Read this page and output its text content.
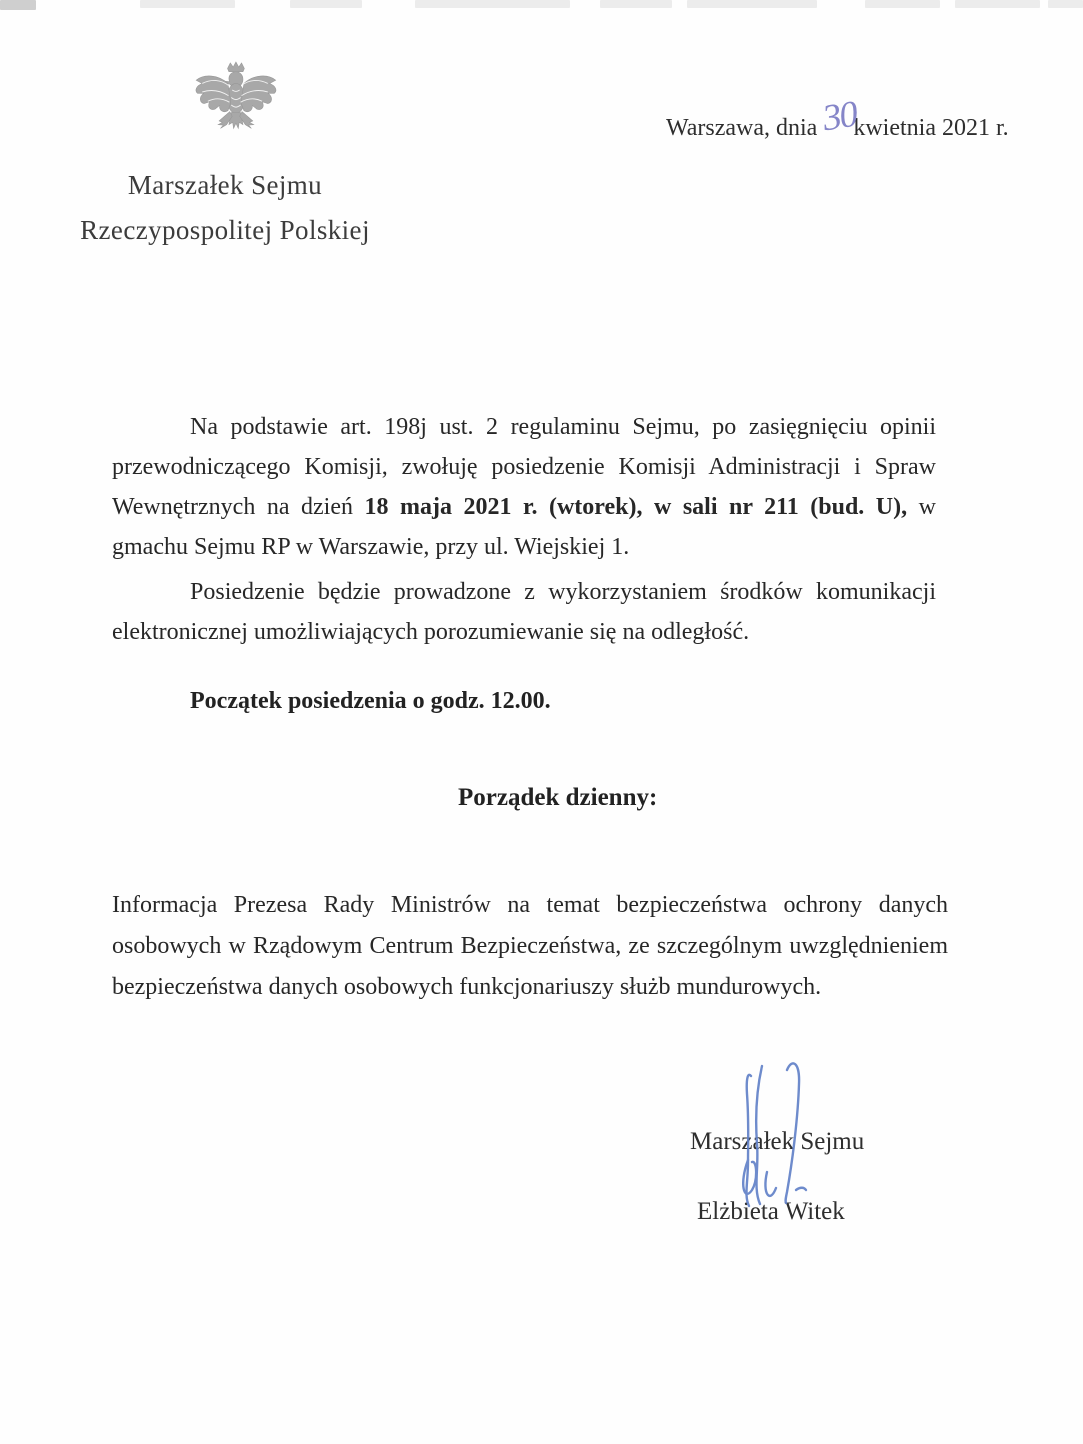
Marszałek Sejmu
Rzeczypospolitej Polskiej
Warszawa, dnia30kwietnia 2021 r.

Na podstawie art. 198j ust. 2 regulaminu Sejmu, po zasięgnięciu opinii przewodniczącego Komisji, zwołuję posiedzenie Komisji Administracji i Spraw Wewnętrznych na dzień 18 maja 2021 r. (wtorek), w sali nr 211 (bud. U), w gmachu Sejmu RP w Warszawie, przy ul. Wiejskiej 1.

Posiedzenie będzie prowadzone z wykorzystaniem środków komunikacji elektronicznej umożliwiających porozumiewanie się na odległość.

Początek posiedzenia o godz. 12.00.
Porządek dzienny:

Informacja Prezesa Rady Ministrów na temat bezpieczeństwa ochrony danych osobowych w Rządowym Centrum Bezpieczeństwa, ze szczególnym uwzględnieniem bezpieczeństwa danych osobowych funkcjonariuszy służb mundurowych.

Marszałek Sejmu
Elżbieta Witek
